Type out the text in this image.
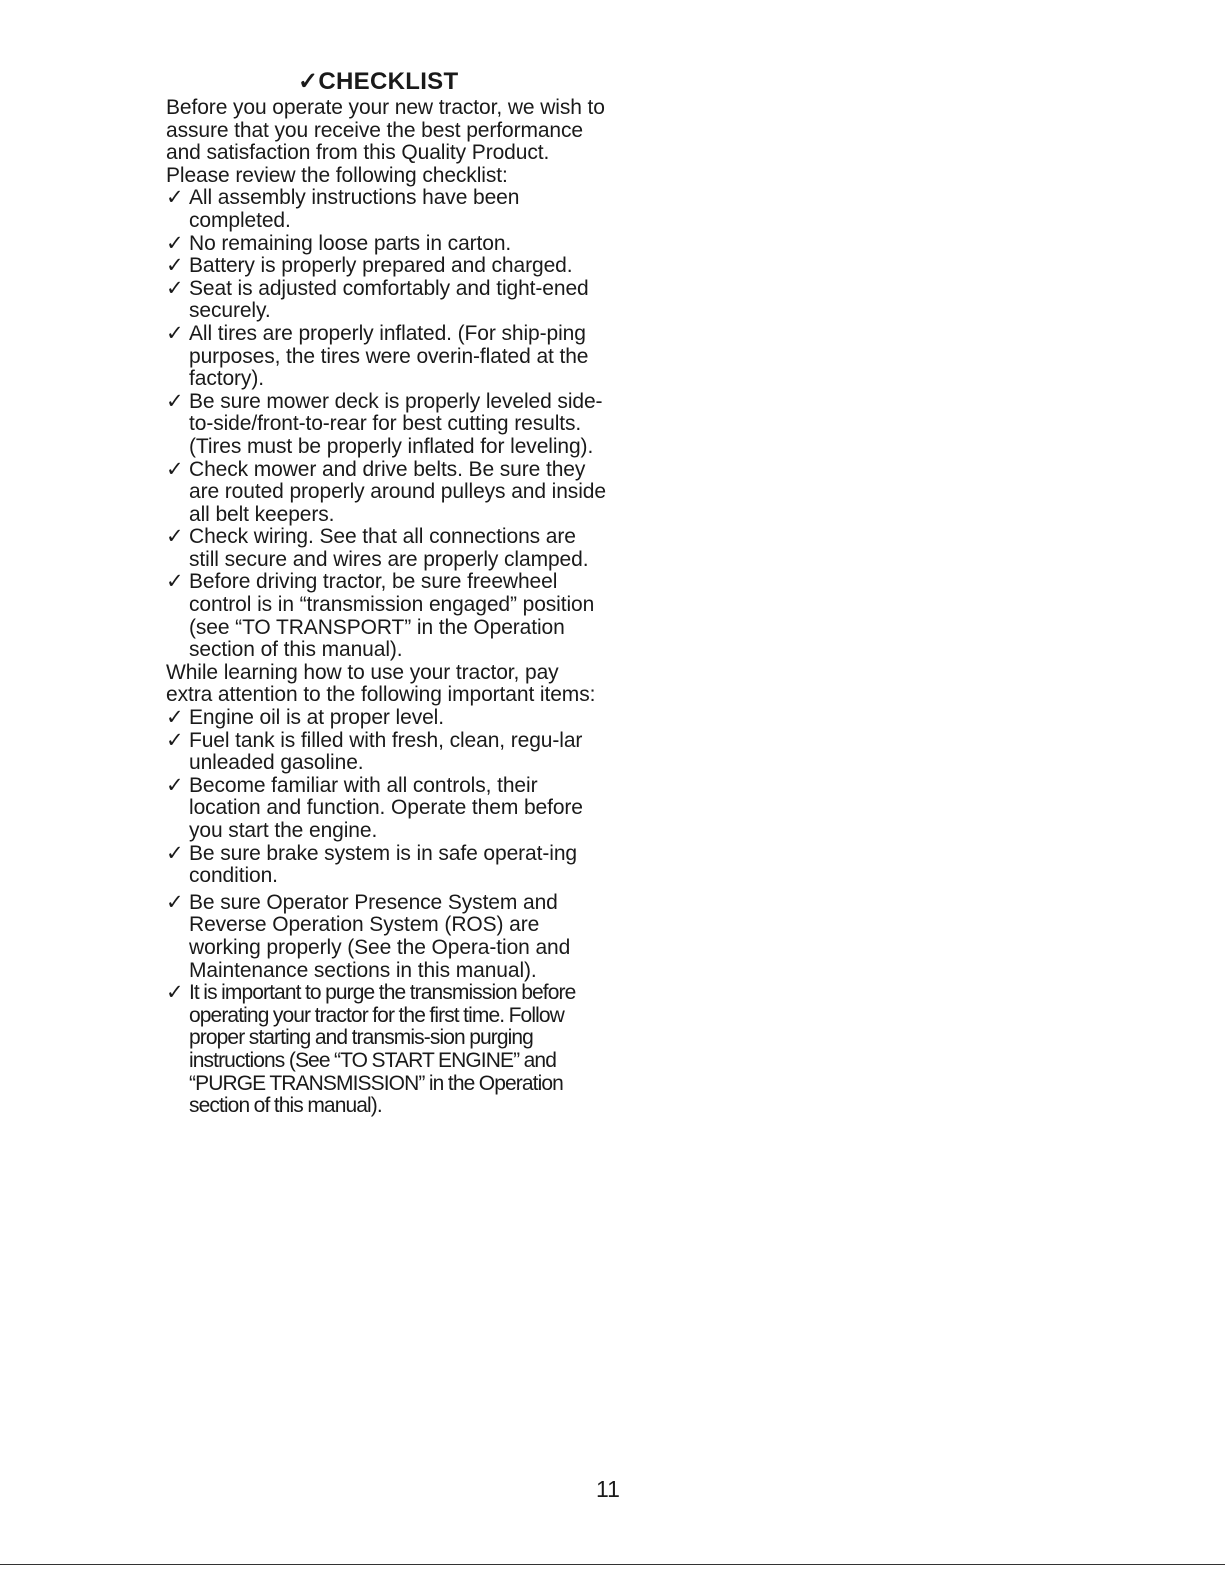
✓CHECKLIST

Before you operate your new tractor, we wish to assure that you receive the best performance and satisfaction from this Quality Product.

Please review the following checklist:

✓ All assembly instructions have been completed.
✓ No remaining loose parts in carton.
✓ Battery is properly prepared and charged.
✓ Seat is adjusted comfortably and tight-ened securely.
✓ All tires are properly inflated. (For ship-ping purposes, the tires were overin-flated at the factory).
✓ Be sure mower deck is properly leveled side-to-side/front-to-rear for best cutting results. (Tires must be properly inflated for leveling).
✓ Check mower and drive belts. Be sure they are routed properly around pulleys and inside all belt keepers.
✓ Check wiring. See that all connections are still secure and wires are properly clamped.
✓ Before driving tractor, be sure freewheel control is in “transmission engaged” position (see “TO TRANSPORT” in the Operation section of this manual).

While learning how to use your tractor, pay extra attention to the following important items:

✓ Engine oil is at proper level.
✓ Fuel tank is filled with fresh, clean, regu-lar unleaded gasoline.
✓ Become familiar with all controls, their location and function. Operate them before you start the engine.
✓ Be sure brake system is in safe operat-ing condition.
✓ Be sure Operator Presence System and Reverse Operation System (ROS) are working properly (See the Opera-tion and Maintenance sections in this manual).
✓ It is important to purge the transmission before operating your tractor for the first time. Follow proper starting and transmis-sion purging instructions (See “TO START ENGINE” and “PURGE TRANSMISSION” in the Operation section of this manual).
11
